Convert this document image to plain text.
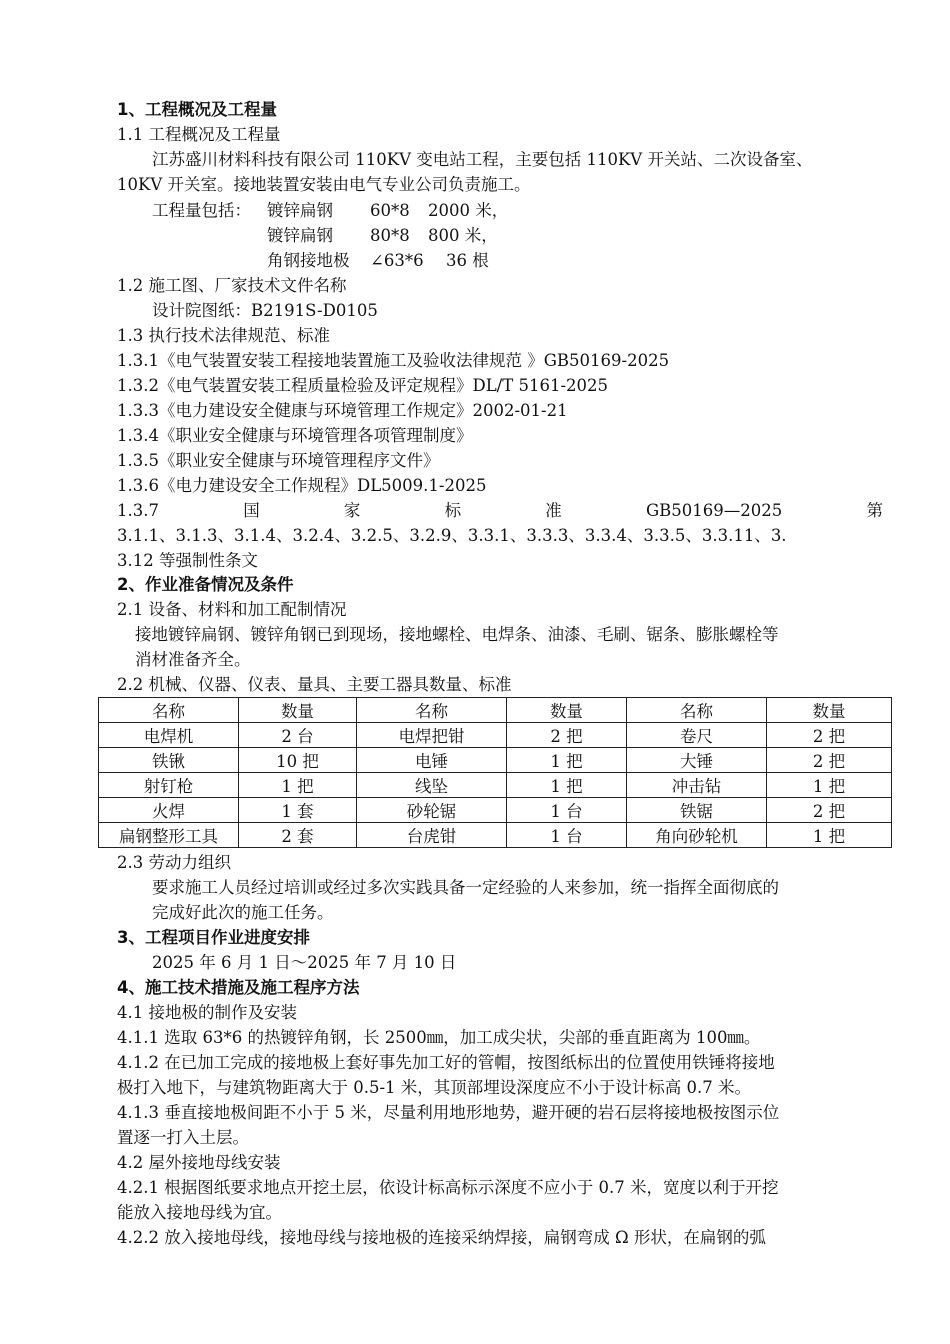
1、工程概况及工程量
1.1 工程概况及工程量
江苏盛川材料科技有限公司 110KV 变电站工程，主要包括 110KV 开关站、二次设备室、
10KV 开关室。接地装置安装由电气专业公司负责施工。
工程量包括： 镀锌扁钢 60*8 2000 米，
镀锌扁钢 80*8 800 米，
角钢接地极 ∠63*6 36 根
1.2 施工图、厂家技术文件名称
设计院图纸：B2191S-D0105
1.3 执行技术法律规范、标准
1.3.1《电气装置安装工程接地装置施工及验收法律规范 》GB50169-2025
1.3.2《电气装置安装工程质量检验及评定规程》DL/T 5161-2025
1.3.3《电力建设安全健康与环境管理工作规定》2002-01-21
1.3.4《职业安全健康与环境管理各项管理制度》
1.3.5《职业安全健康与环境管理程序文件》
1.3.6《电力建设安全工作规程》DL5009.1-2025
1.3.7	国	家	标	准	GB50169—2025	第
3.1.1、3.1.3、3.1.4、3.2.4、3.2.5、3.2.9、3.3.1、3.3.3、3.3.4、3.3.5、3.3.11、3.
3.12 等强制性条文
2、作业准备情况及条件
2.1 设备、材料和加工配制情况
接地镀锌扁钢、镀锌角钢已到现场，接地螺栓、电焊条、油漆、毛刷、锯条、膨胀螺栓等
消材准备齐全。
2.2 机械、仪器、仪表、量具、主要工器具数量、标准
名称	数量	名称	数量	名称	数量
电焊机	2 台	电焊把钳	2 把	卷尺	2 把
铁锹	10 把	电锤	1 把	大锤	2 把
射钉枪	1 把	线坠	1 把	冲击钻	1 把
火焊	1 套	砂轮锯	1 台	铁锯	2 把
扁钢整形工具	2 套	台虎钳	1 台	角向砂轮机	1 把
2.3 劳动力组织
要求施工人员经过培训或经过多次实践具备一定经验的人来参加，统一指挥全面彻底的
完成好此次的施工任务。
3、工程项目作业进度安排
2025 年 6 月 1 日～2025 年 7 月 10 日
4、施工技术措施及施工程序方法
4.1 接地极的制作及安装
4.1.1 选取 63*6 的热镀锌角钢，长 2500㎜，加工成尖状，尖部的垂直距离为 100㎜。
4.1.2 在已加工完成的接地极上套好事先加工好的管帽，按图纸标出的位置使用铁锤将接地
极打入地下，与建筑物距离大于 0.5-1 米，其顶部埋设深度应不小于设计标高 0.7 米。
4.1.3 垂直接地极间距不小于 5 米，尽量利用地形地势，避开硬的岩石层将接地极按图示位
置逐一打入土层。
4.2 屋外接地母线安装
4.2.1 根据图纸要求地点开挖土层，依设计标高标示深度不应小于 0.7 米，宽度以利于开挖
能放入接地母线为宜。
4.2.2 放入接地母线，接地母线与接地极的连接采纳焊接，扁钢弯成 Ω 形状，在扁钢的弧
